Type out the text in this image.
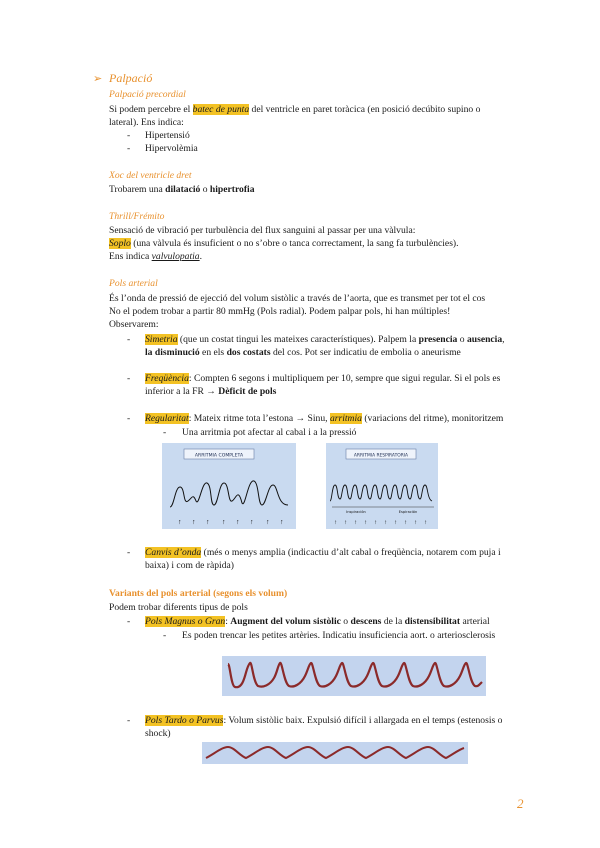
➢ Palpació
Palpació precordial
Si podem percebre el batec de punta del ventricle en paret toràcica (en posició decúbito supino o
lateral). Ens indica:
- Hipertensió
- Hipervolèmia
Xoc del ventricle dret
Trobarem una dilatació o hipertrofia
Thrill/Frémito
Sensació de vibració per turbulència del flux sanguini al passar per una vàlvula:
Soplo (una vàlvula és insuficient o no s’obre o tanca correctament, la sang fa turbulències).
Ens indica valvulopatia.
Pols arterial
És l’onda de pressió de ejecció del volum sistòlic a través de l’aorta, que es transmet per tot el cos
No el podem trobar a partir 80 mmHg (Pols radial). Podem palpar pols, hi han múltiples!
Observarem:
- Simetria (que un costat tingui les mateixes característiques). Palpem la presencia o ausencia,
la disminució en els dos costats del cos. Pot ser indicatiu de embolia o aneurisme
- Freqüència: Compten 6 segons i multipliquem per 10, sempre que sigui regular. Si el pols es
inferior a la FR → Dèficit de pols
- Regularitat: Mateix ritme tota l’estona → Sinu, arritmia (variacions del ritme), monitoritzem
- Una arritmia pot afectar al cabal i a la pressió
ARRITMIA COMPLETA
↑ ↑ ↑ ↑ ↑ ↑ ↑ ↑
ARRITMIA RESPIRATORIA
Inspiración	Espiración
↑ ↑ ↑ ↑ ↑ ↑ ↑ ↑ ↑ ↑
- Canvis d’onda (més o menys amplia (indicactiu d’alt cabal o freqüència, notarem com puja i
baixa) i com de ràpida)
Variants del pols arterial (segons els volum)
Podem trobar diferents tipus de pols
- Pols Magnus o Gran: Augment del volum sistòlic o descens de la distensibilitat arterial
- Es poden trencar les petites artèries. Indicatiu insuficiencia aort. o arteriosclerosis
- Pols Tardo o Parvus: Volum sistòlic baix. Expulsió difícil i allargada en el temps (estenosis o
shock)
2
